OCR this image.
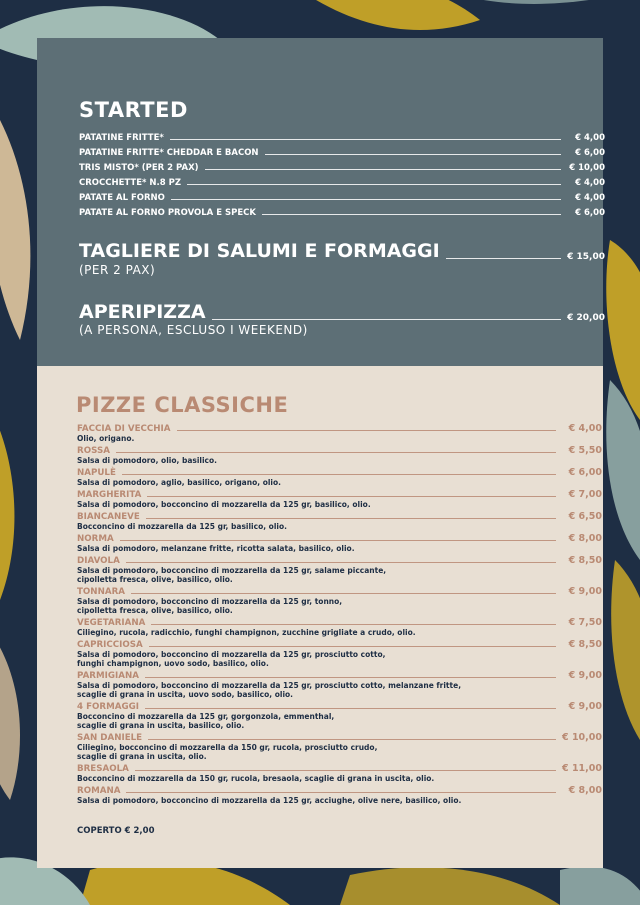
STARTED
PATATINE FRITTE*	€ 4,00
PATATINE FRITTE* CHEDDAR E BACON	€ 6,00
TRIS MISTO* (PER 2 PAX)	€ 10,00
CROCCHETTE* N.8 PZ	€ 4,00
PATATE AL FORNO	€ 4,00
PATATE AL FORNO PROVOLA E SPECK	€ 6,00
TAGLIERE DI SALUMI E FORMAGGI	€ 15,00
(PER 2 PAX)
APERIPIZZA	€ 20,00
(A PERSONA, ESCLUSO I WEEKEND)
PIZZE CLASSICHE
FACCIA DI VECCHIA	€ 4,00
Olio, origano.
ROSSA	€ 5,50
Salsa di pomodoro, olio, basilico.
NAPULÈ	€ 6,00
Salsa di pomodoro, aglio, basilico, origano, olio.
MARGHERITA	€ 7,00
Salsa di pomodoro, bocconcino di mozzarella da 125 gr, basilico, olio.
BIANCANEVE	€ 6,50
Bocconcino di mozzarella da 125 gr, basilico, olio.
NORMA	€ 8,00
Salsa di pomodoro, melanzane fritte, ricotta salata, basilico, olio.
DIAVOLA	€ 8,50
Salsa di pomodoro, bocconcino di mozzarella da 125 gr, salame piccante,
cipolletta fresca, olive, basilico, olio.
TONNARA	€ 9,00
Salsa di pomodoro, bocconcino di mozzarella da 125 gr, tonno,
cipolletta fresca, olive, basilico, olio.
VEGETARIANA	€ 7,50
Ciliegino, rucola, radicchio, funghi champignon, zucchine grigliate a crudo, olio.
CAPRICCIOSA	€ 8,50
Salsa di pomodoro, bocconcino di mozzarella da 125 gr, prosciutto cotto,
funghi champignon, uovo sodo, basilico, olio.
PARMIGIANA	€ 9,00
Salsa di pomodoro, bocconcino di mozzarella da 125 gr, prosciutto cotto, melanzane fritte,
scaglie di grana in uscita, uovo sodo, basilico, olio.
4 FORMAGGI	€ 9,00
Bocconcino di mozzarella da 125 gr, gorgonzola, emmenthal,
scaglie di grana in uscita, basilico, olio.
SAN DANIELE	€ 10,00
Ciliegino, bocconcino di mozzarella da 150 gr, rucola, prosciutto crudo,
scaglie di grana in uscita, olio.
BRESAOLA	€ 11,00
Bocconcino di mozzarella da 150 gr, rucola, bresaola, scaglie di grana in uscita, olio.
ROMANA	€ 8,00
Salsa di pomodoro, bocconcino di mozzarella da 125 gr, acciughe, olive nere, basilico, olio.
COPERTO € 2,00
